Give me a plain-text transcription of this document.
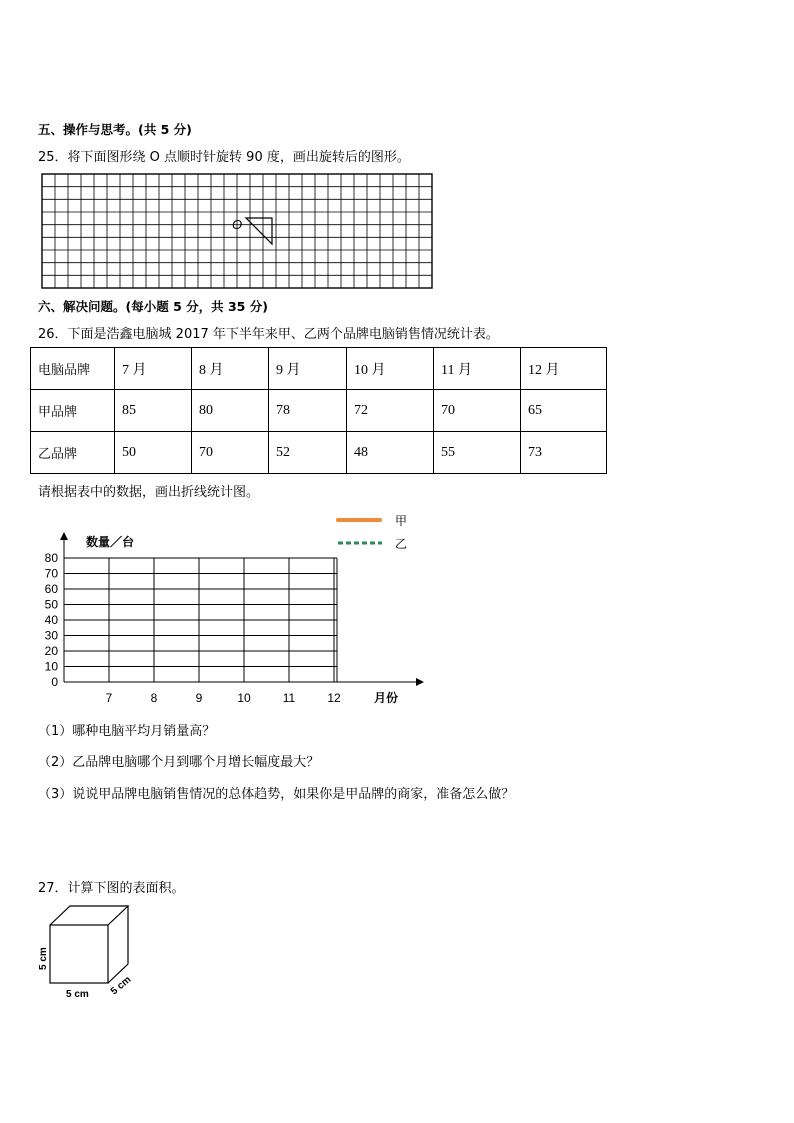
五、操作与思考。(共 5 分)
25．将下面图形绕 O 点顺时针旋转 90 度，画出旋转后的图形。
O
六、解决问题。(每小题 5 分，共 35 分)
26．下面是浩鑫电脑城 2017 年下半年来甲、乙两个品牌电脑销售情况统计表。
电脑品牌	7 月	8 月	9 月	10 月	11 月	12 月
甲品牌	85	80	78	72	70	65
乙品牌	50	70	52	48	55	73
请根据表中的数据，画出折线统计图。
甲
乙
数量／台
月份
0
10
20
30
40
50
60
70
80
7	8	9	10	11	12
（1）哪种电脑平均月销量高？
（2）乙品牌电脑哪个月到哪个月增长幅度最大？
（3）说说甲品牌电脑销售情况的总体趋势，如果你是甲品牌的商家，准备怎么做？
27．计算下图的表面积。
5 cm
5 cm 5 cm
